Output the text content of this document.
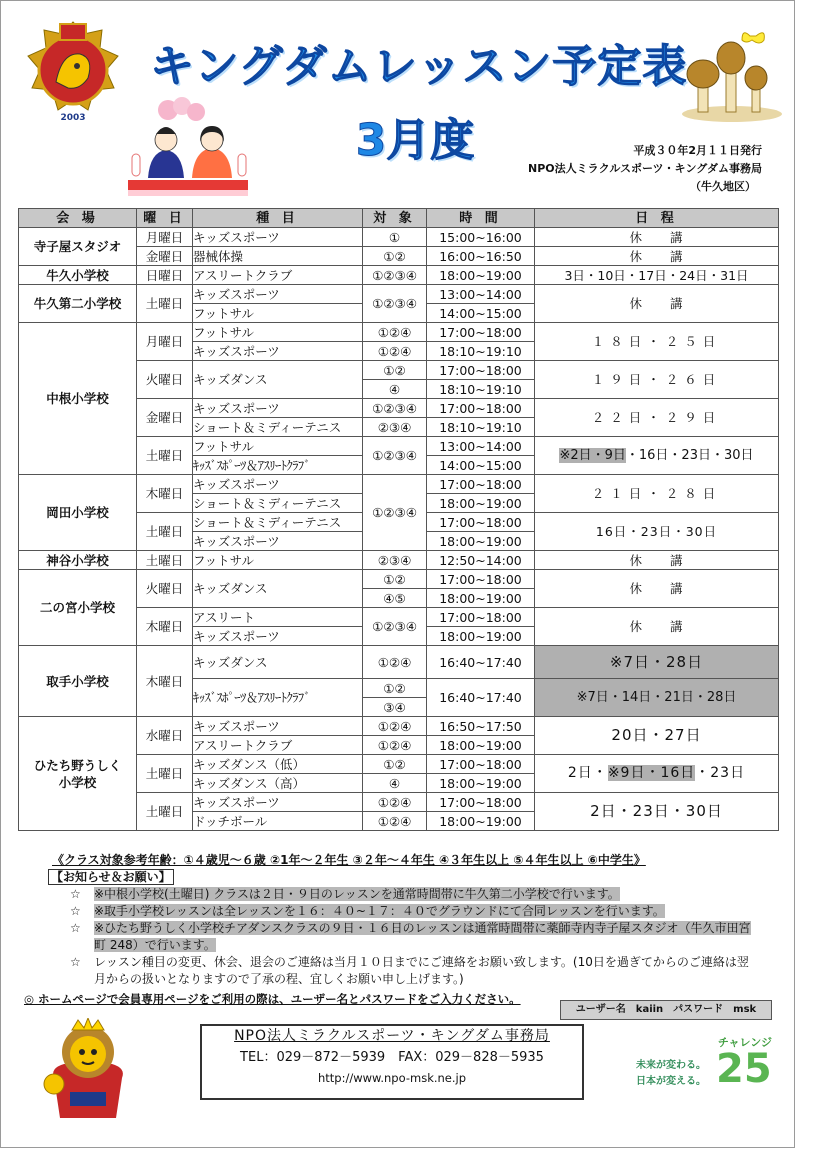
2003
キングダムレッスン予定表
3月度	平成３０年2月１１日発行
NPO法人ミラクルスポーツ・キングダム事務局
（牛久地区）
会 場	曜 日	種 目	対 象	時 間	日 程
寺子屋スタジオ	月曜日	キッズスポーツ	①	15:00~16:00	休　　講
	金曜日	器械体操	①②	16:00~16:50	休　　講
牛久小学校	日曜日	アスリートクラブ	①②③④	18:00~19:00	3日・10日・17日・24日・31日
牛久第二小学校	土曜日	キッズスポーツ	①②③④	13:00~14:00	休　　講
		フットサル		14:00~15:00	
中根小学校	月曜日	フットサル	①②④	17:00~18:00	１８日・２５日
		キッズスポーツ	①②④	18:10~19:10	
	火曜日	キッズダンス	①②	17:00~18:00	１９日・２６日
			④	18:10~19:10	
	金曜日	キッズスポーツ	①②③④	17:00~18:00	２２日・２９日
		ショート＆ミディーテニス	②③④	18:10~19:10	
	土曜日	フットサル	①②③④	13:00~14:00	※2日・9日・16日・23日・30日
		ｷｯｽﾞｽﾎﾟｰﾂ＆ｱｽﾘｰﾄｸﾗﾌﾞ		14:00~15:00	
岡田小学校	木曜日	キッズスポーツ	①②③④	17:00~18:00	２１日・２８日
		ショート＆ミディーテニス		18:00~19:00	
	土曜日	ショート＆ミディーテニス		17:00~18:00	16日・23日・30日
		キッズスポーツ		18:00~19:00	
神谷小学校	土曜日	フットサル	②③④	12:50~14:00	休　　講
二の宮小学校	火曜日	キッズダンス	①②	17:00~18:00	休　　講
			④⑤	18:00~19:00	
	木曜日	アスリート	①②③④	17:00~18:00	休　　講
		キッズスポーツ		18:00~19:00	
取手小学校	木曜日	キッズダンス	①②④	16:40~17:40	※7日・28日
		ｷｯｽﾞｽﾎﾟｰﾂ＆ｱｽﾘｰﾄｸﾗﾌﾞ	①②	16:40~17:40	※7日・14日・21日・28日
			③④		

ひたち野うしく
小学校	水曜日	キッズスポーツ	①②④	16:50~17:50	20日・27日
		アスリートクラブ	①②④	18:00~19:00	
	土曜日	キッズダンス（低）	①②	17:00~18:00	2日・※9日・16日・23日
		キッズダンス（高）	④	18:00~19:00	
	土曜日	キッズスポーツ	①②④	17:00~18:00	2日・23日・30日
		ドッチボール	①②④	18:00~19:00	
《クラス対象参考年齢：①４歳児～６歳 ②1年～２年生 ③２年～４年生 ④３年生以上 ⑤４年生以上 ⑥中学生》
【お知らせ＆お願い】
☆ ※中根小学校(土曜日) クラスは２日・９日のレッスンを通常時間帯に牛久第二小学校で行います。
☆ ※取手小学校レッスンは全レッスンを１６：４０~１７：４０でグラウンドにて合同レッスンを行います。
☆ ※ひたち野うしく小学校チアダンスクラスの９日・１６日のレッスンは通常時間帯に薬師寺内寺子屋スタジオ（牛久市田宮町 248）で行います。
☆ レッスン種目の変更、休会、退会のご連絡は当月１０日までにご連絡をお願い致します。(10日を過ぎてからのご連絡は翌月からの扱いとなりますので了承の程、宜しくお願い申し上げます。)
◎ ホームページで会員専用ページをご利用の際は、ユーザー名とパスワードをご入力ください。
ユーザー名　kaiin　パスワード　msk
NPO法人ミラクルスポーツ・キングダム事務局
TEL：029－872－5939　FAX：029－828－5935
http://www.npo-msk.ne.jp
チャレンジ
未来が変わる。
日本が変える。 25
